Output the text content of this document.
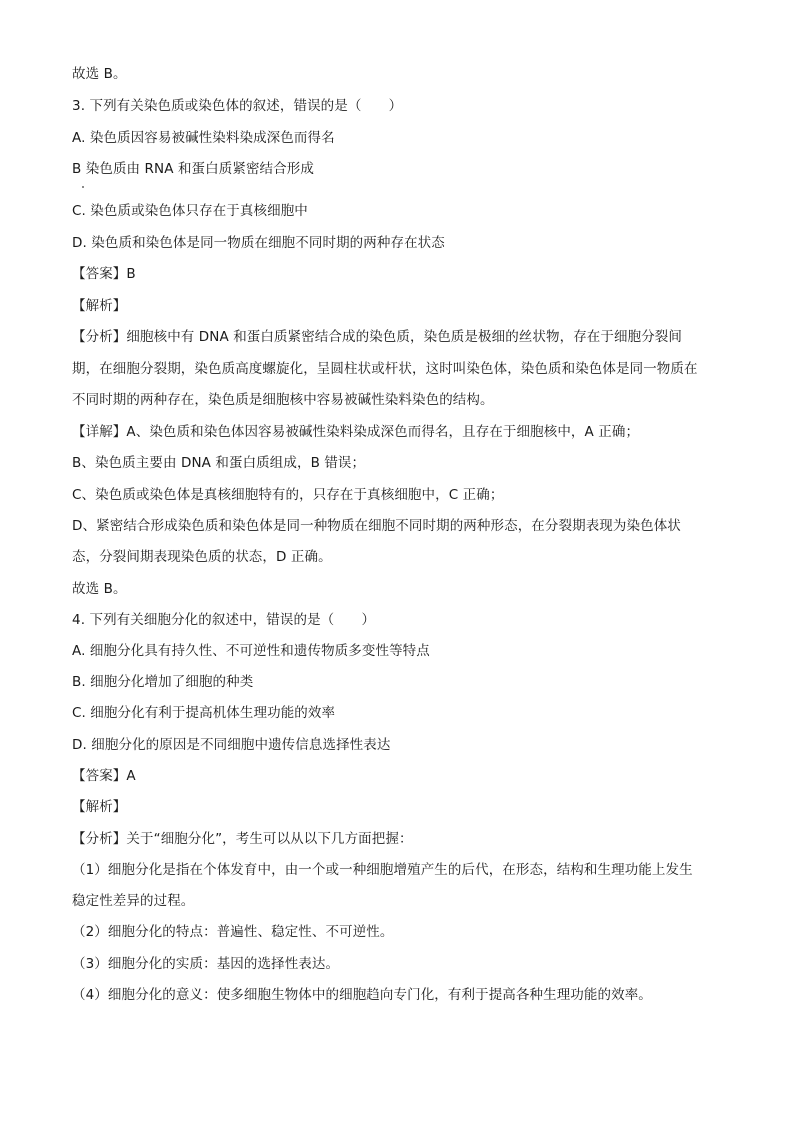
故选 B。
3. 下列有关染色质或染色体的叙述，错误的是（　　）
A. 染色质因容易被碱性染料染成深色而得名
B 染色质由 RNA 和蛋白质紧密结合形成
C. 染色质或染色体只存在于真核细胞中
D. 染色质和染色体是同一物质在细胞不同时期的两种存在状态
【答案】B
【解析】
【分析】细胞核中有 DNA 和蛋白质紧密结合成的染色质，染色质是极细的丝状物，存在于细胞分裂间
期，在细胞分裂期，染色质高度螺旋化，呈圆柱状或杆状，这时叫染色体，染色质和染色体是同一物质在
不同时期的两种存在，染色质是细胞核中容易被碱性染料染色的结构。
【详解】A、染色质和染色体因容易被碱性染料染成深色而得名，且存在于细胞核中，A 正确；
B、染色质主要由 DNA 和蛋白质组成，B 错误；
C、染色质或染色体是真核细胞特有的，只存在于真核细胞中，C 正确；
D、紧密结合形成染色质和染色体是同一种物质在细胞不同时期的两种形态，在分裂期表现为染色体状
态，分裂间期表现染色质的状态，D 正确。
故选 B。
4. 下列有关细胞分化的叙述中，错误的是（　　）
A. 细胞分化具有持久性、不可逆性和遗传物质多变性等特点
B. 细胞分化增加了细胞的种类
C. 细胞分化有利于提高机体生理功能的效率
D. 细胞分化的原因是不同细胞中遗传信息选择性表达
【答案】A
【解析】
【分析】关于“细胞分化”，考生可以从以下几方面把握：
（1）细胞分化是指在个体发育中，由一个或一种细胞增殖产生的后代，在形态，结构和生理功能上发生
稳定性差异的过程。
（2）细胞分化的特点：普遍性、稳定性、不可逆性。
（3）细胞分化的实质：基因的选择性表达。
（4）细胞分化的意义：使多细胞生物体中的细胞趋向专门化，有利于提高各种生理功能的效率。
